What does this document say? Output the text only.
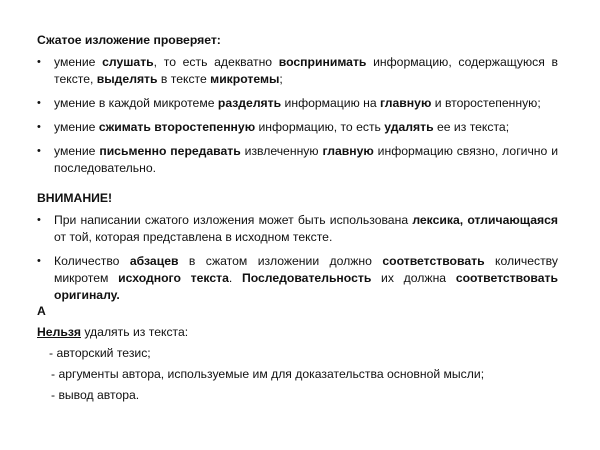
Сжатое изложение проверяет:
• умение слушать, то есть адекватно воспринимать информацию, содержащуюся в тексте, выделять в тексте микротемы;
• умение в каждой микротеме разделять информацию на главную и второстепенную;
• умение сжимать второстепенную информацию, то есть удалять ее из текста;
• умение письменно передавать извлеченную главную информацию связно, логично и последовательно.
ВНИМАНИЕ!
• При написании сжатого изложения может быть использована лексика, отличающаяся от той, которая представлена в исходном тексте.
• Количество абзацев в сжатом изложении должно соответствовать количеству микротем исходного текста. Последовательность их должна соответствовать оригиналу.
А
Нельзя удалять из текста:
- авторский тезис;
- аргументы автора, используемые им для доказательства основной мысли;
- вывод автора.
